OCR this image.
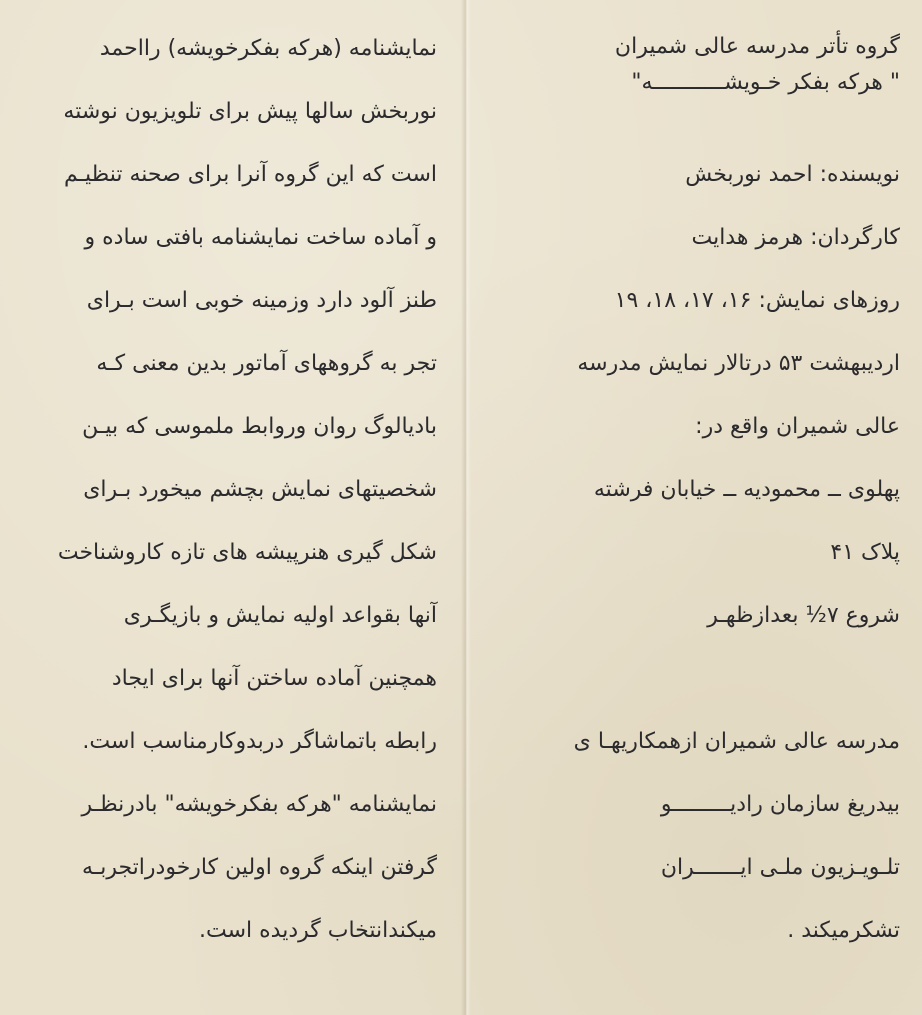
نمایشنامه (هرکه بفکرخویشه) رااحمد
نوربخش سالها پیش برای تلویزیون نوشته
است که این گروه آنرا برای صحنه تنظیـم
و آماده ساخت نمایشنامه بافتی ساده و
طنز آلود دارد وزمینه خوبی است بـرای
تجر به گروههای آماتور بدین معنی کـه
بادیالوگ روان وروابط ملموسی که بیـن
شخصیتهای نمایش بچشم میخورد بـرای
شکل گیری هنرپیشه های تازه کاروشناخت
آنها بقواعد اولیه نمایش و بازیگـری
همچنین آماده ساختن آنها برای ایجاد
رابطه باتماشاگر دربدوکارمناسب است.
نمایشنامه "هرکه بفکرخویشه" بادرنظـر
گرفتن اینکه گروه اولین کارخودراتجربـه
میکندانتخاب گردیده است.
گروه تأتر مدرسه عالی شمیران
" هرکه بفکر خـویشـــــــــــه"
نویسنده: احمد نوربخش
کارگردان: هرمز هدایت
روزهای نمایش: ۱۶، ۱۷، ۱۸، ۱۹
اردیبهشت ۵۳ درتالار نمایش مدرسه
عالی شمیران واقع در:
پهلوی ــ محمودیه ــ خیابان فرشته
پلاک ۴۱
شروع ۷½ بعدازظهـر
مدرسه عالی شمیران ازهمکاریهـا ی
بیدریغ سازمان رادیـــــــــو
تلـویـزیون ملـی ایـــــــران
تشکرمیکند .
